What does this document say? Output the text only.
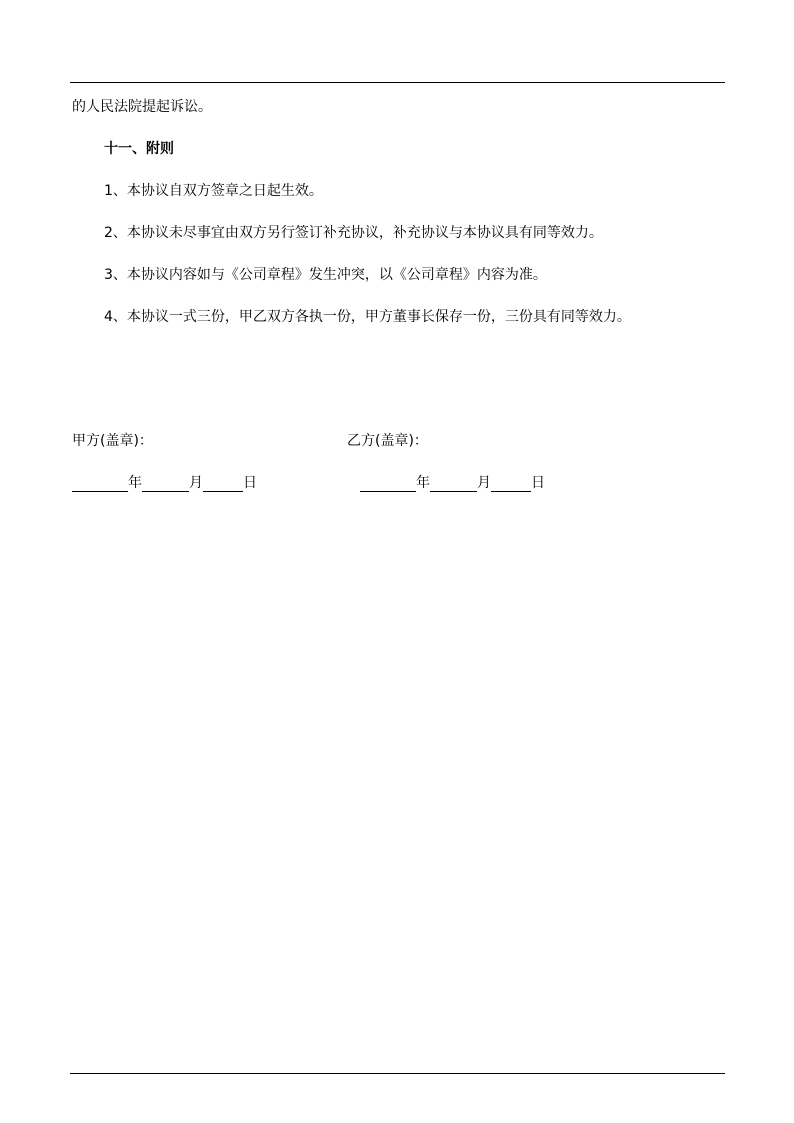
的人民法院提起诉讼。
十一、附则
1、本协议自双方签章之日起生效。
2、本协议未尽事宜由双方另行签订补充协议，补充协议与本协议具有同等效力。
3、本协议内容如与《公司章程》发生冲突，以《公司章程》内容为准。
4、本协议一式三份，甲乙双方各执一份，甲方董事长保存一份，三份具有同等效力。
甲方(盖章)：	乙方(盖章)：
年	月	日	年	月	日
